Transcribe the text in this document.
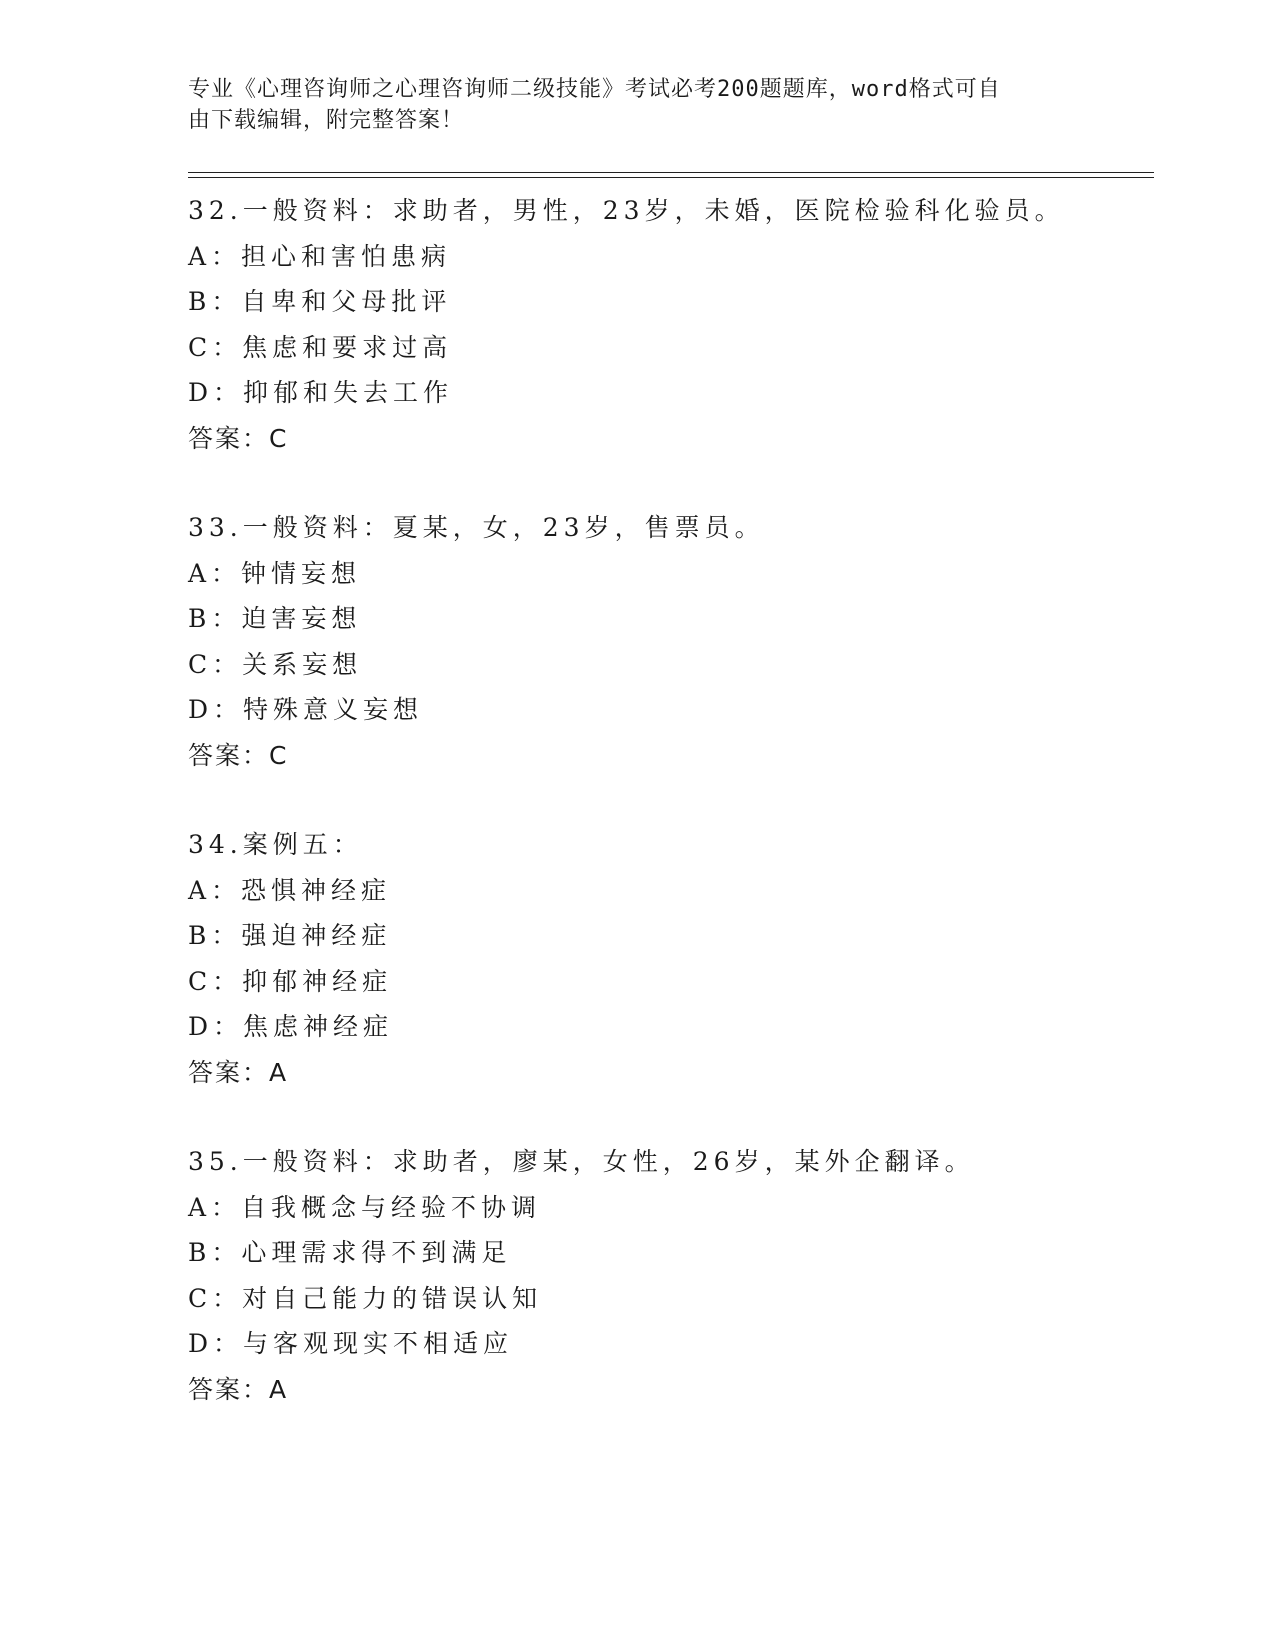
专业《心理咨询师之心理咨询师二级技能》考试必考200题题库，word格式可自
由下载编辑，附完整答案！
32.一般资料：求助者，男性，23岁，未婚，医院检验科化验员。
A：担心和害怕患病
B：自卑和父母批评
C：焦虑和要求过高
D：抑郁和失去工作
答案：C
33.一般资料：夏某，女，23岁，售票员。
A：钟情妄想
B：迫害妄想
C：关系妄想
D：特殊意义妄想
答案：C
34.案例五：
A：恐惧神经症
B：强迫神经症
C：抑郁神经症
D：焦虑神经症
答案：A
35.一般资料：求助者，廖某，女性，26岁，某外企翻译。
A：自我概念与经验不协调
B：心理需求得不到满足
C：对自己能力的错误认知
D：与客观现实不相适应
答案：A
